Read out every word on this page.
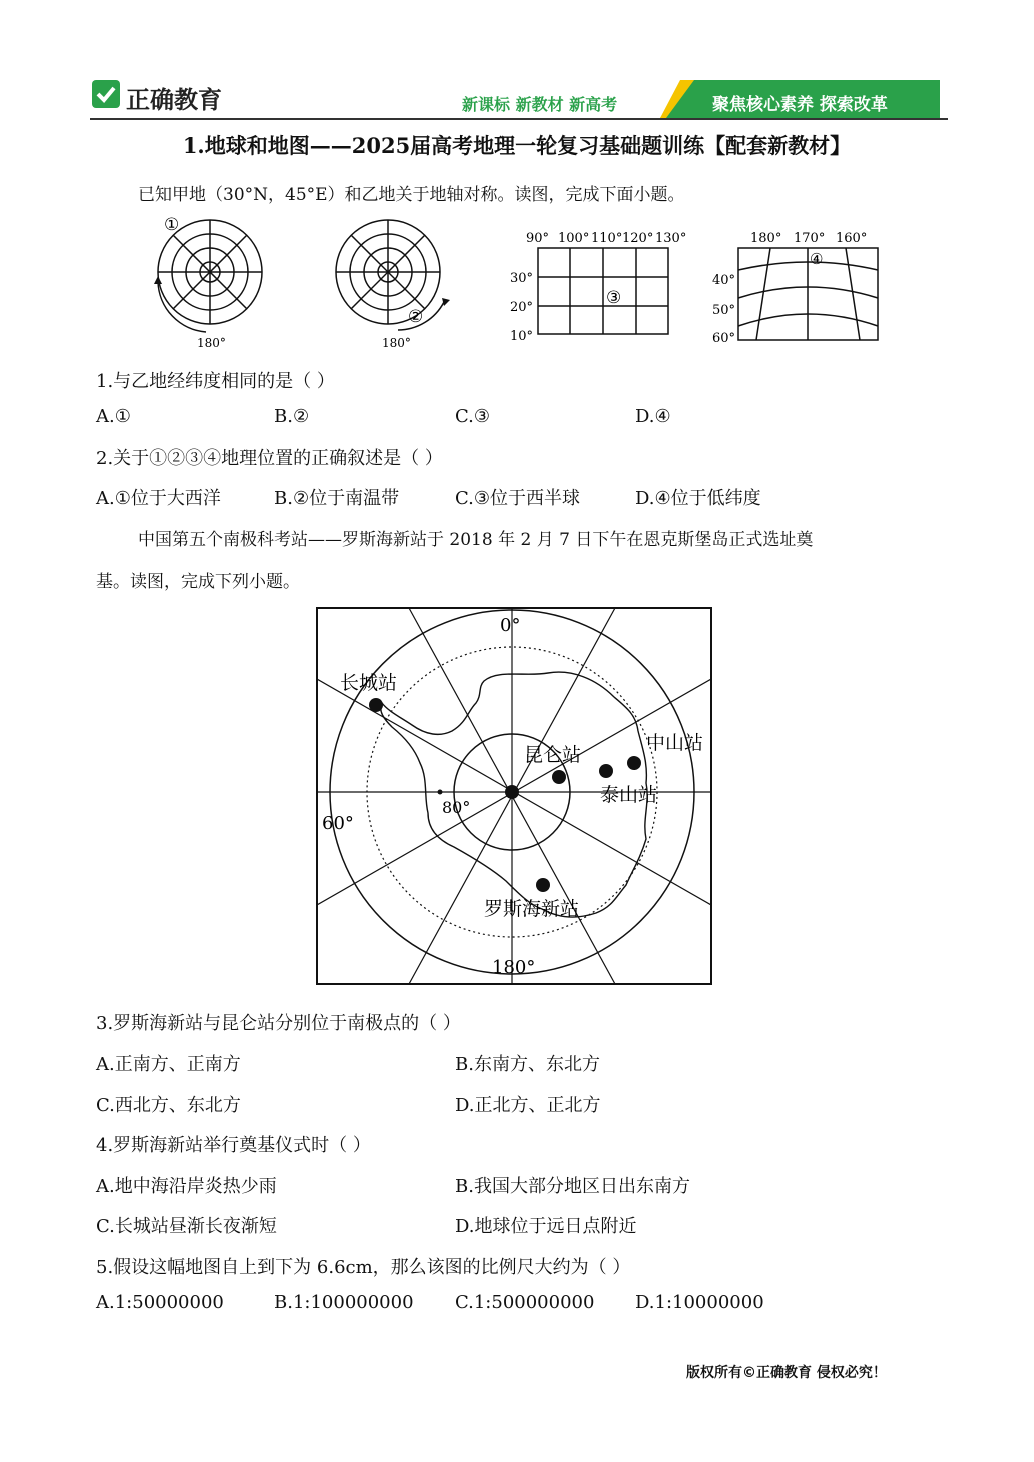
正确教育	新课标 新教材 新高考	聚焦核心素养 探索改革
1.地球和地图——2025届高考地理一轮复习基础题训练【配套新教材】
已知甲地（30°N，45°E）和乙地关于地轴对称。读图，完成下面小题。
①
180°
②
180°
90° 100° 110° 120° 130°
30°
20°
10°
③
180° 170° 160°
40°
50°
60°
④
1.与乙地经纬度相同的是（ ）
A.①	B.②	C.③	D.④
2.关于①②③④地理位置的正确叙述是（ ）
A.①位于大西洋	B.②位于南温带	C.③位于西半球	D.④位于低纬度
中国第五个南极科考站——罗斯海新站于 2018 年 2 月 7 日下午在恩克斯堡岛正式选址奠
基。读图，完成下列小题。
0°
180°
60°
80°
长城站
昆仑站
中山站
泰山站
罗斯海新站
3.罗斯海新站与昆仑站分别位于南极点的（ ）
A.正南方、正南方	B.东南方、东北方
C.西北方、东北方	D.正北方、正北方
4.罗斯海新站举行奠基仪式时（ ）
A.地中海沿岸炎热少雨	B.我国大部分地区日出东南方
C.长城站昼渐长夜渐短	D.地球位于远日点附近
5.假设这幅地图自上到下为 6.6cm，那么该图的比例尺大约为（ ）
A.1:50000000	B.1:100000000 C.1:500000000 D.1:10000000
版权所有©正确教育 侵权必究！
